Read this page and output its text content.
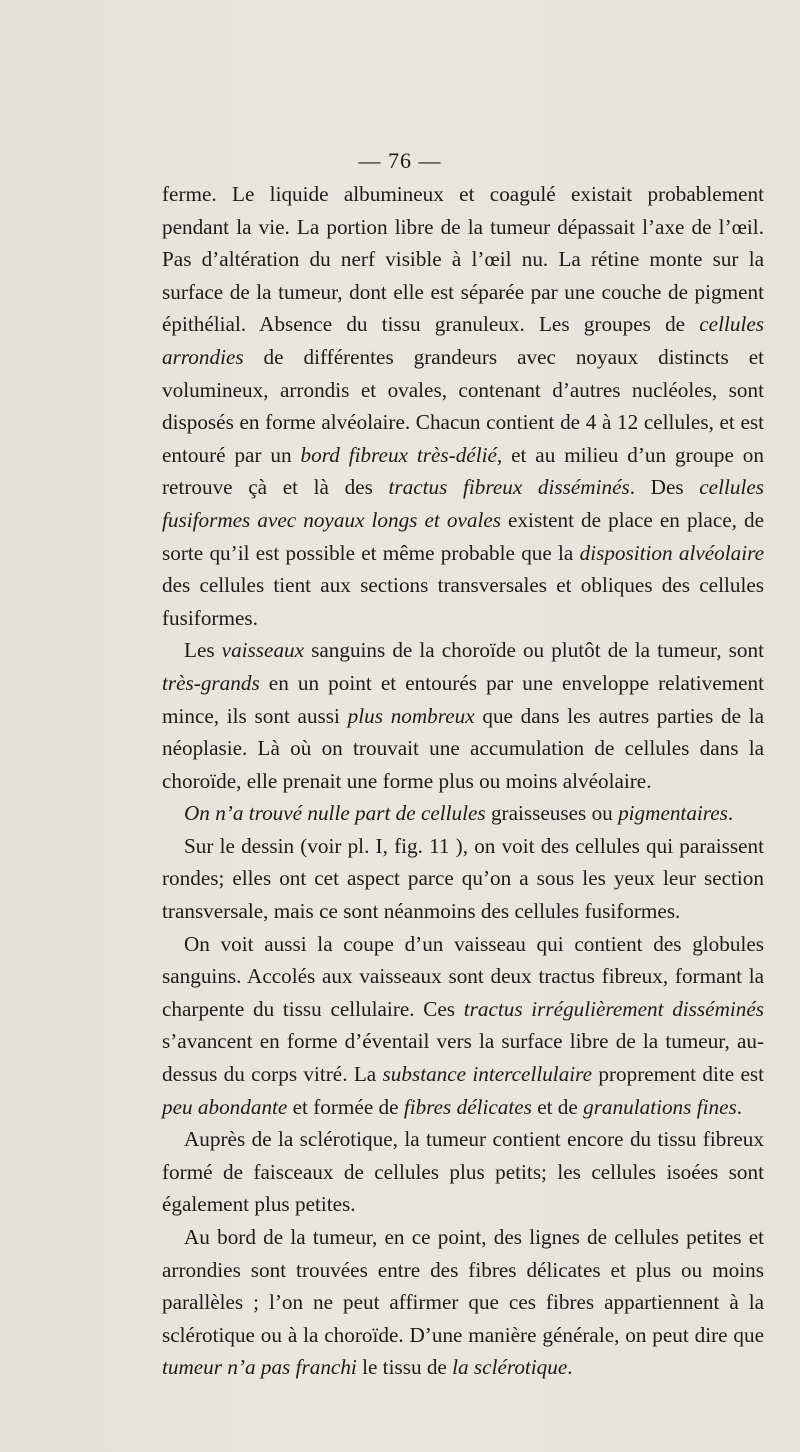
— 76 —

ferme. Le liquide albumineux et coagulé existait probablement pendant la vie. La portion libre de la tumeur dépassait l’axe de l’œil. Pas d’altération du nerf visible à l’œil nu. La rétine monte sur la surface de la tumeur, dont elle est séparée par une couche de pigment épithélial. Absence du tissu granuleux. Les groupes de cellules arrondies de différentes grandeurs avec noyaux distincts et volumineux, arrondis et ovales, contenant d’autres nucléoles, sont disposés en forme alvéolaire. Chacun contient de 4 à 12 cellules, et est entouré par un bord fibreux très-délié, et au milieu d’un groupe on retrouve çà et là des tractus fibreux disséminés. Des cellules fusiformes avec noyaux longs et ovales existent de place en place, de sorte qu’il est possible et même probable que la disposition alvéolaire des cellules tient aux sections transversales et obliques des cellules fusiformes.

Les vaisseaux sanguins de la choroïde ou plutôt de la tumeur, sont très-grands en un point et entourés par une enveloppe relativement mince, ils sont aussi plus nombreux que dans les autres parties de la néoplasie. Là où on trouvait une accumulation de cellules dans la choroïde, elle prenait une forme plus ou moins alvéolaire.

On n’a trouvé nulle part de cellules graisseuses ou pigmentaires.

Sur le dessin (voir pl. I, fig. 11 ), on voit des cellules qui paraissent rondes; elles ont cet aspect parce qu’on a sous les yeux leur section transversale, mais ce sont néanmoins des cellules fusiformes.

On voit aussi la coupe d’un vaisseau qui contient des globules sanguins. Accolés aux vaisseaux sont deux tractus fibreux, formant la charpente du tissu cellulaire. Ces tractus irrégulièrement disséminés s’avancent en forme d’éventail vers la surface libre de la tumeur, au-dessus du corps vitré. La substance intercellulaire proprement dite est peu abondante et formée de fibres délicates et de granulations fines.

Auprès de la sclérotique, la tumeur contient encore du tissu fibreux formé de faisceaux de cellules plus petits; les cellules isoées sont également plus petites.

Au bord de la tumeur, en ce point, des lignes de cellules petites et arrondies sont trouvées entre des fibres délicates et plus ou moins parallèles ; l’on ne peut affirmer que ces fibres appartiennent à la sclérotique ou à la choroïde. D’une manière générale, on peut dire que tumeur n’a pas franchi le tissu de la sclérotique.
